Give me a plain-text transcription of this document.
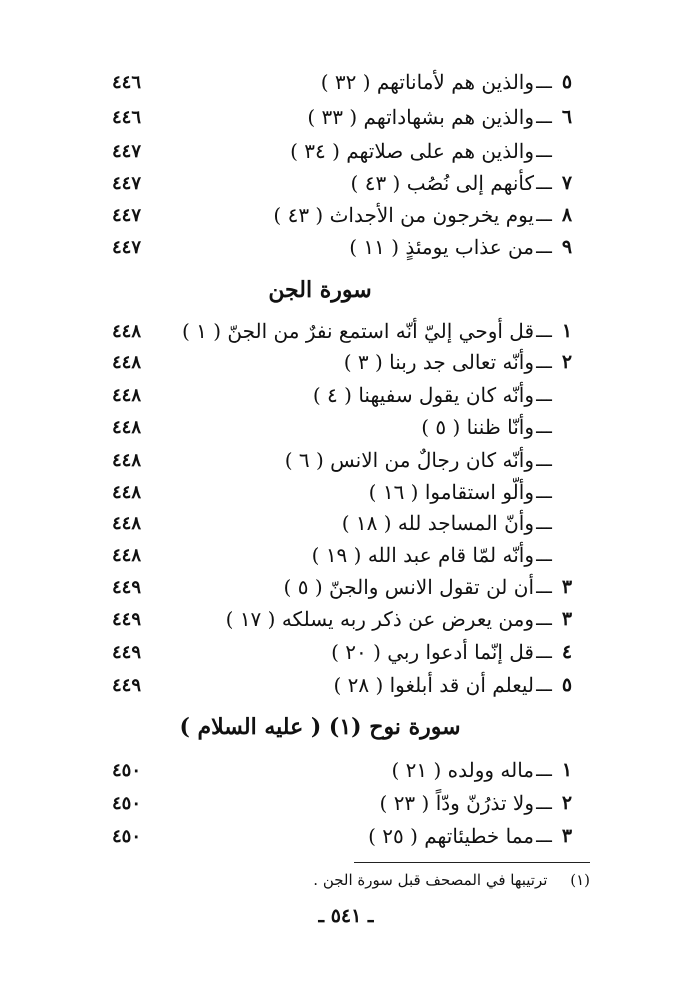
٥
ـــ
والذين هم لأماناتهم ( ٣٢ )
٤٤٦
٦
ـــ
والذين هم بشهاداتهم ( ٣٣ )
٤٤٦
ـــ
والذين هم على صلاتهم ( ٣٤ )
٤٤٧
٧
ـــ
كأنهم إلى نُصُب ( ٤٣ )
٤٤٧
٨
ـــ
يوم يخرجون من الأجداث ( ٤٣ )
٤٤٧
٩
ـــ
من عذاب يومئذٍ ( ١١ )
٤٤٧
سورة الجن
١
ـــ
قل أوحي إليّ أنّه استمع نفرٌ من الجنّ ( ١ )
٤٤٨
٢
ـــ
وأنّه تعالى جد ربنا ( ٣ )
٤٤٨
ـــ
وأنّه كان يقول سفيهنا ( ٤ )
٤٤٨
ـــ
وأنّا ظننا ( ٥ )
٤٤٨
ـــ
وأنّه كان رجالٌ من الانس ( ٦ )
٤٤٨
ـــ
وألّو استقاموا ( ١٦ )
٤٤٨
ـــ
وأنّ المساجد لله ( ١٨ )
٤٤٨
ـــ
وأنّه لمّا قام عبد الله ( ١٩ )
٤٤٨
٣
ـــ
أن لن تقول الانس والجنّ ( ٥ )
٤٤٩
٣
ـــ
ومن يعرض عن ذكر ربه يسلكه ( ١٧ )
٤٤٩
٤
ـــ
قل إنّما أدعوا ربي ( ٢٠ )
٤٤٩
٥
ـــ
ليعلم أن قد أبلغوا ( ٢٨ )
٤٤٩
سورة نوح (١) ( عليه السلام )
١
ـــ
ماله وولده ( ٢١ )
٤٥٠
٢
ـــ
ولا تذرُنّ ودّاً ( ٢٣ )
٤٥٠
٣
ـــ
مما خطيئاتهم ( ٢٥ )
٤٥٠
(١) ترتيبها في المصحف قبل سورة الجن .
ـ ٥٤١ ـ
